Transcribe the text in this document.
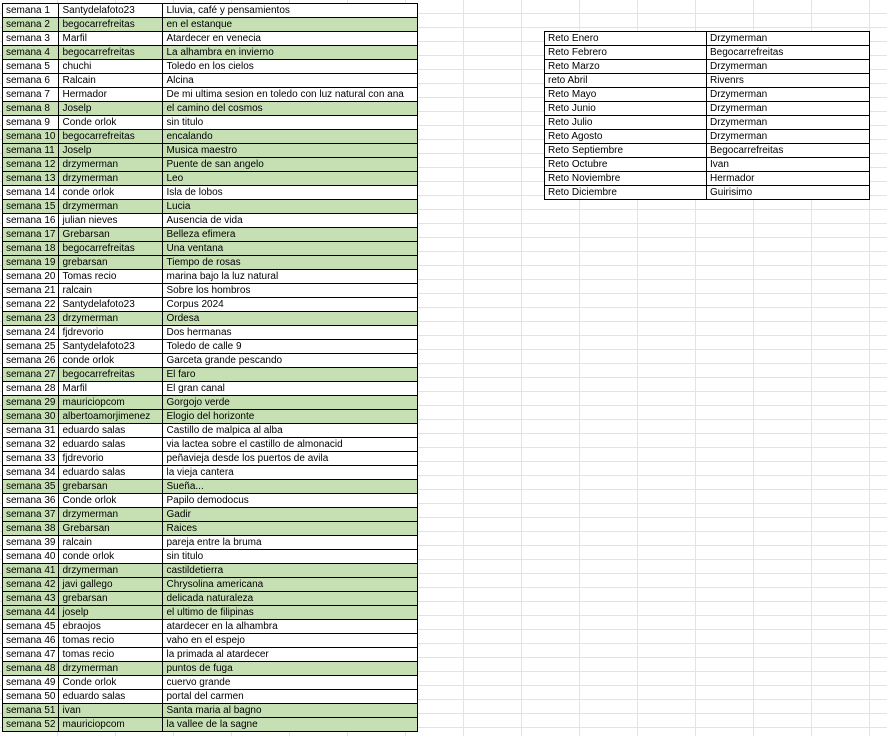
semana 1	Santydelafoto23	Lluvia, café y pensamientos
semana 2	begocarrefreitas	en el estanque
semana 3	Marfil	Atardecer en venecia
semana 4	begocarrefreitas	La alhambra en invierno
semana 5	chuchi	Toledo en los cielos
semana 6	Ralcain	Alcina
semana 7	Hermador	De mi ultima sesion en toledo con luz natural con ana
semana 8	Joselp	el camino del cosmos
semana 9	Conde orlok	sin titulo
semana 10	begocarrefreitas	encalando
semana 11	Joselp	Musica maestro
semana 12	drzymerman	Puente de san angelo
semana 13	drzymerman	Leo
semana 14	conde orlok	Isla de lobos
semana 15	drzymerman	Lucia
semana 16	julian nieves	Ausencia de vida
semana 17	Grebarsan	Belleza efimera
semana 18	begocarrefreitas	Una ventana
semana 19	grebarsan	Tiempo de rosas
semana 20	Tomas recio	marina bajo la luz natural
semana 21	ralcain	Sobre los hombros
semana 22	Santydelafoto23	Corpus 2024
semana 23	drzymerman	Ordesa
semana 24	fjdrevorio	Dos hermanas
semana 25	Santydelafoto23	Toledo de calle 9
semana 26	conde orlok	Garceta grande pescando
semana 27	begocarrefreitas	El faro
semana 28	Marfil	El gran canal
semana 29	mauriciopcom	Gorgojo verde
semana 30	albertoamorjimenez	Elogio del horizonte
semana 31	eduardo salas	Castillo de malpica al alba
semana 32	eduardo salas	via lactea sobre el castillo de almonacid
semana 33	fjdrevorio	peñavieja desde los puertos de avila
semana 34	eduardo salas	la vieja cantera
semana 35	grebarsan	Sueña...
semana 36	Conde orlok	Papilo demodocus
semana 37	drzymerman	Gadir
semana 38	Grebarsan	Raices
semana 39	ralcain	pareja entre la bruma
semana 40	conde orlok	sin titulo
semana 41	drzymerman	castildetierra
semana 42	javi gallego	Chrysolina americana
semana 43	grebarsan	delicada naturaleza
semana 44	joselp	el ultimo de filipinas
semana 45	ebraojos	atardecer en la alhambra
semana 46	tomas recio	vaho en el espejo
semana 47	tomas recio	la primada al atardecer
semana 48	drzymerman	puntos de fuga
semana 49	Conde orlok	cuervo grande
semana 50	eduardo salas	portal del carmen
semana 51	ivan	Santa maria al bagno
semana 52	mauriciopcom	la vallee de la sagne
Reto Enero	Drzymerman
Reto Febrero	Begocarrefreitas
Reto Marzo	Drzymerman
reto Abril	Rivenrs
Reto Mayo	Drzymerman
Reto Junio	Drzymerman
Reto Julio	Drzymerman
Reto Agosto	Drzymerman
Reto Septiembre	Begocarrefreitas
Reto Octubre	Ivan
Reto Noviembre	Hermador
Reto Diciembre	Guirisimo
